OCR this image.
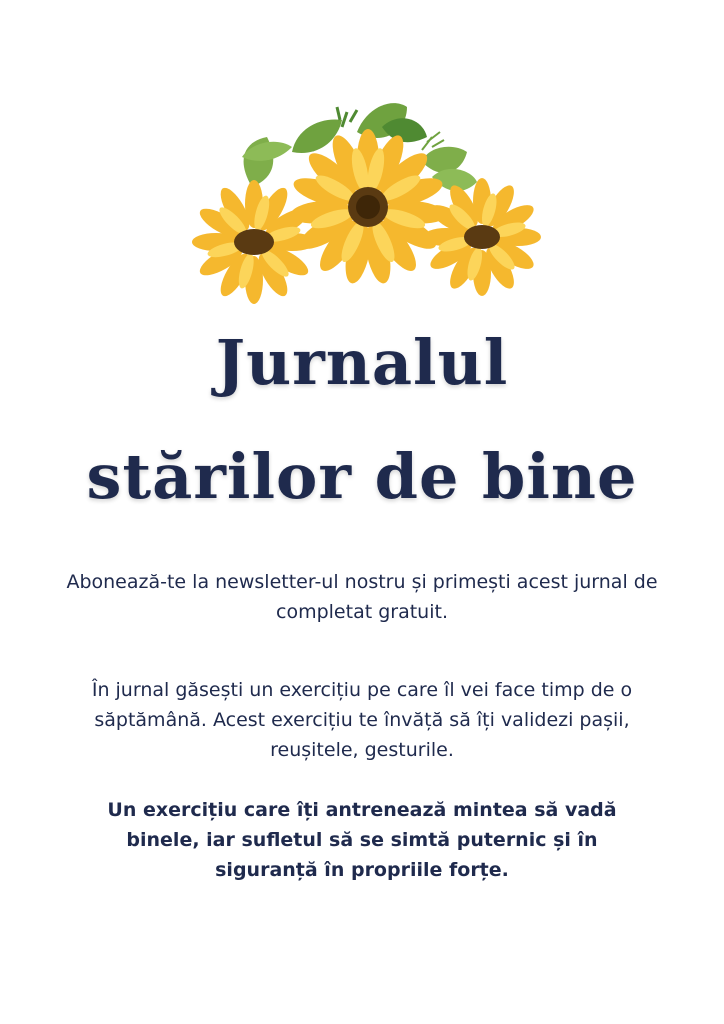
Jurnalul
stărilor de bine
Abonează-te la newsletter-ul nostru și primești acest jurnal de completat gratuit.
În jurnal găsești un exercițiu pe care îl vei face timp de o săptămână. Acest exercițiu te învăță să îți validezi pașii, reușitele, gesturile.
Un exercițiu care îți antrenează mintea să vadă binele, iar sufletul să se simtă puternic și în siguranță în propriile forțe.
